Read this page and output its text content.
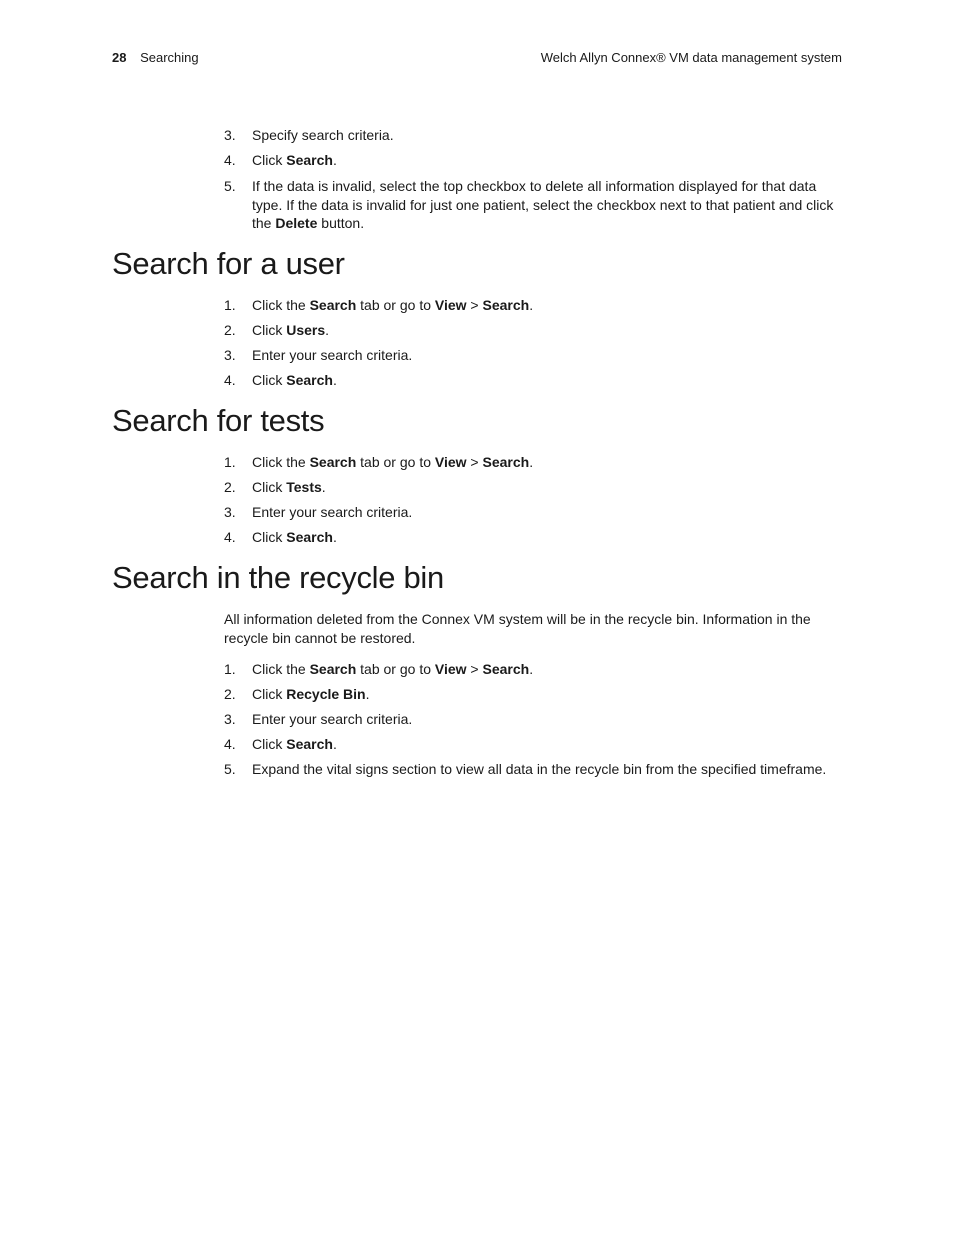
28 Searching	Welch Allyn Connex® VM data management system
3. Specify search criteria.
4. Click Search.
5. If the data is invalid, select the top checkbox to delete all information displayed for that data type. If the data is invalid for just one patient, select the checkbox next to that patient and click the Delete button.
Search for a user
1. Click the Search tab or go to View > Search.
2. Click Users.
3. Enter your search criteria.
4. Click Search.
Search for tests
1. Click the Search tab or go to View > Search.
2. Click Tests.
3. Enter your search criteria.
4. Click Search.
Search in the recycle bin

All information deleted from the Connex VM system will be in the recycle bin. Information in the recycle bin cannot be restored.

1. Click the Search tab or go to View > Search.
2. Click Recycle Bin.
3. Enter your search criteria.
4. Click Search.
5. Expand the vital signs section to view all data in the recycle bin from the specified timeframe.
